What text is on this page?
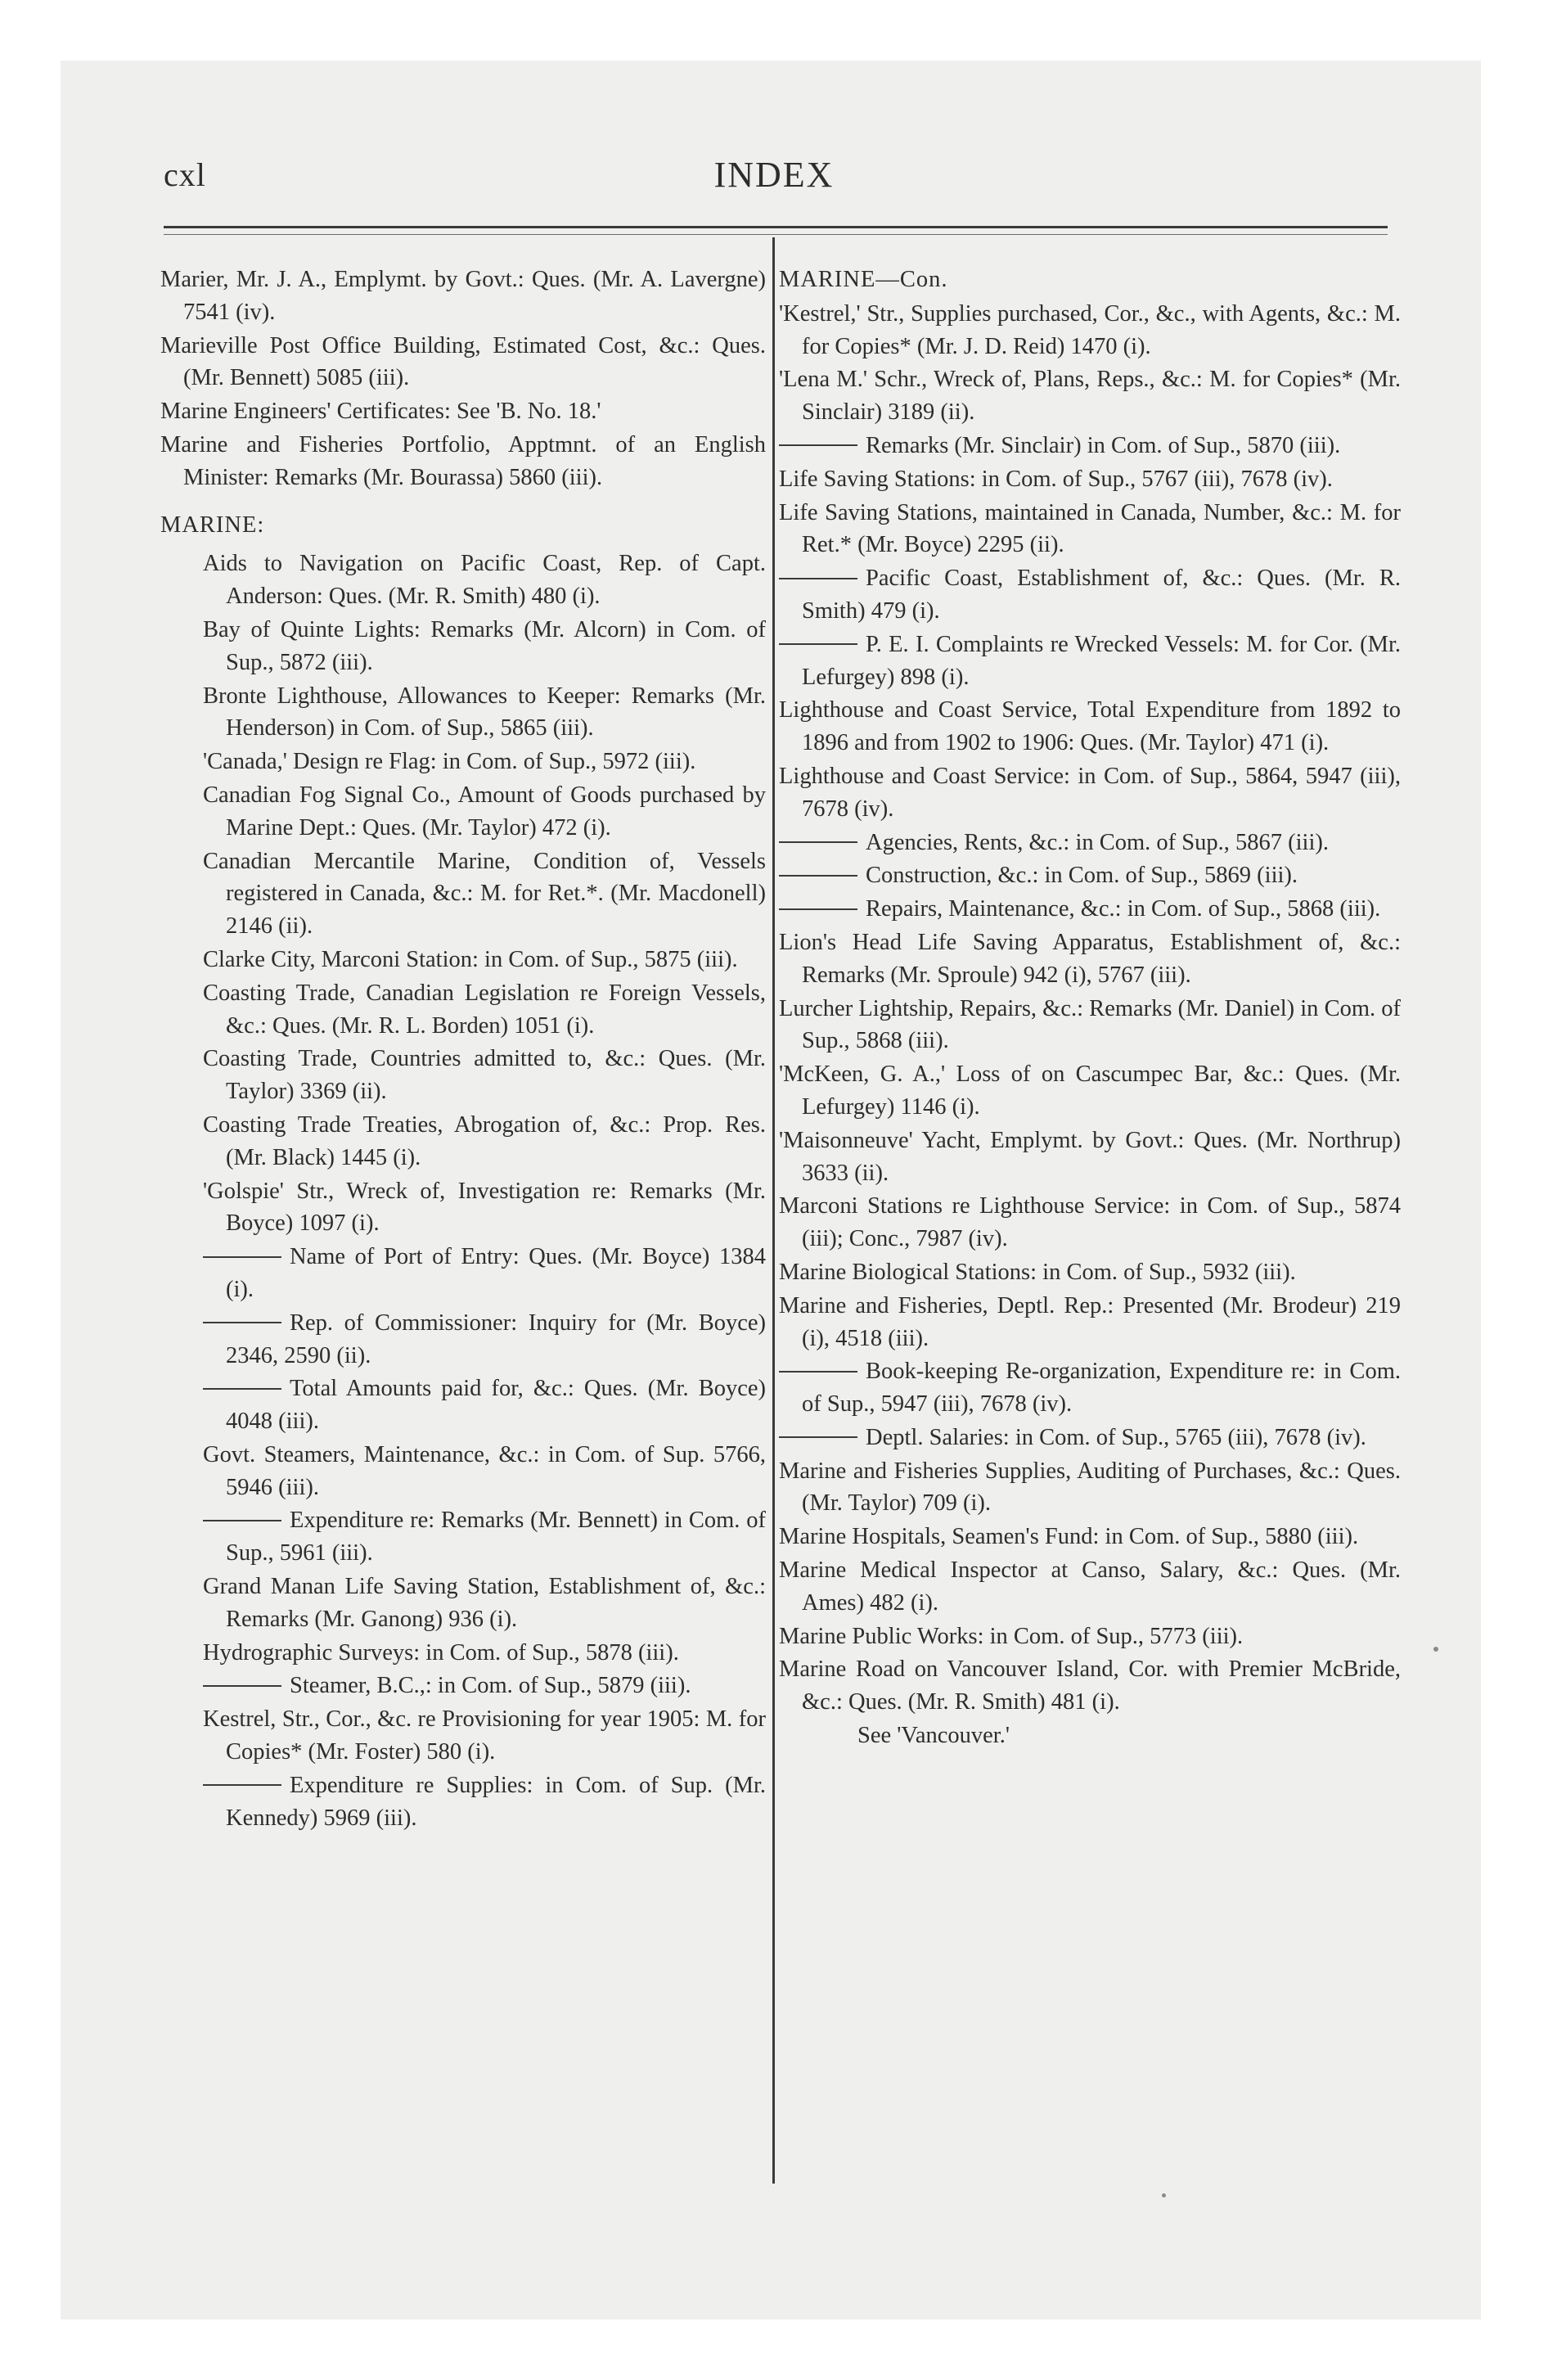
cxl	INDEX

Marier, Mr. J. A., Emplymt. by Govt.: Ques. (Mr. A. Lavergne) 7541 (iv).

Marieville Post Office Building, Estimated Cost, &c.: Ques. (Mr. Bennett) 5085 (iii).

Marine Engineers' Certificates: See 'B. No. 18.'

Marine and Fisheries Portfolio, Apptmnt. of an English Minister: Remarks (Mr. Bourassa) 5860 (iii).

MARINE:

Aids to Navigation on Pacific Coast, Rep. of Capt. Anderson: Ques. (Mr. R. Smith) 480 (i).

Bay of Quinte Lights: Remarks (Mr. Alcorn) in Com. of Sup., 5872 (iii).

Bronte Lighthouse, Allowances to Keeper: Remarks (Mr. Henderson) in Com. of Sup., 5865 (iii).

'Canada,' Design re Flag: in Com. of Sup., 5972 (iii).

Canadian Fog Signal Co., Amount of Goods purchased by Marine Dept.: Ques. (Mr. Taylor) 472 (i).

Canadian Mercantile Marine, Condition of, Vessels registered in Canada, &c.: M. for Ret.*. (Mr. Macdonell) 2146 (ii).

Clarke City, Marconi Station: in Com. of Sup., 5875 (iii).

Coasting Trade, Canadian Legislation re Foreign Vessels, &c.: Ques. (Mr. R. L. Borden) 1051 (i).

Coasting Trade, Countries admitted to, &c.: Ques. (Mr. Taylor) 3369 (ii).

Coasting Trade Treaties, Abrogation of, &c.: Prop. Res. (Mr. Black) 1445 (i).

'Golspie' Str., Wreck of, Investigation re: Remarks (Mr. Boyce) 1097 (i).

Name of Port of Entry: Ques. (Mr. Boyce) 1384 (i).

Rep. of Commissioner: Inquiry for (Mr. Boyce) 2346, 2590 (ii).

Total Amounts paid for, &c.: Ques. (Mr. Boyce) 4048 (iii).

Govt. Steamers, Maintenance, &c.: in Com. of Sup. 5766, 5946 (iii).

Expenditure re: Remarks (Mr. Bennett) in Com. of Sup., 5961 (iii).

Grand Manan Life Saving Station, Establishment of, &c.: Remarks (Mr. Ganong) 936 (i).

Hydrographic Surveys: in Com. of Sup., 5878 (iii).

Steamer, B.C.,: in Com. of Sup., 5879 (iii).

Kestrel, Str., Cor., &c. re Provisioning for year 1905: M. for Copies* (Mr. Foster) 580 (i).

Expenditure re Supplies: in Com. of Sup. (Mr. Kennedy) 5969 (iii).

MARINE—Con.

'Kestrel,' Str., Supplies purchased, Cor., &c., with Agents, &c.: M. for Copies* (Mr. J. D. Reid) 1470 (i).

'Lena M.' Schr., Wreck of, Plans, Reps., &c.: M. for Copies* (Mr. Sinclair) 3189 (ii).

Remarks (Mr. Sinclair) in Com. of Sup., 5870 (iii).

Life Saving Stations: in Com. of Sup., 5767 (iii), 7678 (iv).

Life Saving Stations, maintained in Canada, Number, &c.: M. for Ret.* (Mr. Boyce) 2295 (ii).

Pacific Coast, Establishment of, &c.: Ques. (Mr. R. Smith) 479 (i).

P. E. I. Complaints re Wrecked Vessels: M. for Cor. (Mr. Lefurgey) 898 (i).

Lighthouse and Coast Service, Total Expenditure from 1892 to 1896 and from 1902 to 1906: Ques. (Mr. Taylor) 471 (i).

Lighthouse and Coast Service: in Com. of Sup., 5864, 5947 (iii), 7678 (iv).

Agencies, Rents, &c.: in Com. of Sup., 5867 (iii).

Construction, &c.: in Com. of Sup., 5869 (iii).

Repairs, Maintenance, &c.: in Com. of Sup., 5868 (iii).

Lion's Head Life Saving Apparatus, Establishment of, &c.: Remarks (Mr. Sproule) 942 (i), 5767 (iii).

Lurcher Lightship, Repairs, &c.: Remarks (Mr. Daniel) in Com. of Sup., 5868 (iii).

'McKeen, G. A.,' Loss of on Cascumpec Bar, &c.: Ques. (Mr. Lefurgey) 1146 (i).

'Maisonneuve' Yacht, Emplymt. by Govt.: Ques. (Mr. Northrup) 3633 (ii).

Marconi Stations re Lighthouse Service: in Com. of Sup., 5874 (iii); Conc., 7987 (iv).

Marine Biological Stations: in Com. of Sup., 5932 (iii).

Marine and Fisheries, Deptl. Rep.: Presented (Mr. Brodeur) 219 (i), 4518 (iii).

Book-keeping Re-organization, Expenditure re: in Com. of Sup., 5947 (iii), 7678 (iv).

Deptl. Salaries: in Com. of Sup., 5765 (iii), 7678 (iv).

Marine and Fisheries Supplies, Auditing of Purchases, &c.: Ques. (Mr. Taylor) 709 (i).

Marine Hospitals, Seamen's Fund: in Com. of Sup., 5880 (iii).

Marine Medical Inspector at Canso, Salary, &c.: Ques. (Mr. Ames) 482 (i).

Marine Public Works: in Com. of Sup., 5773 (iii).

Marine Road on Vancouver Island, Cor. with Premier McBride, &c.: Ques. (Mr. R. Smith) 481 (i).

See 'Vancouver.'
